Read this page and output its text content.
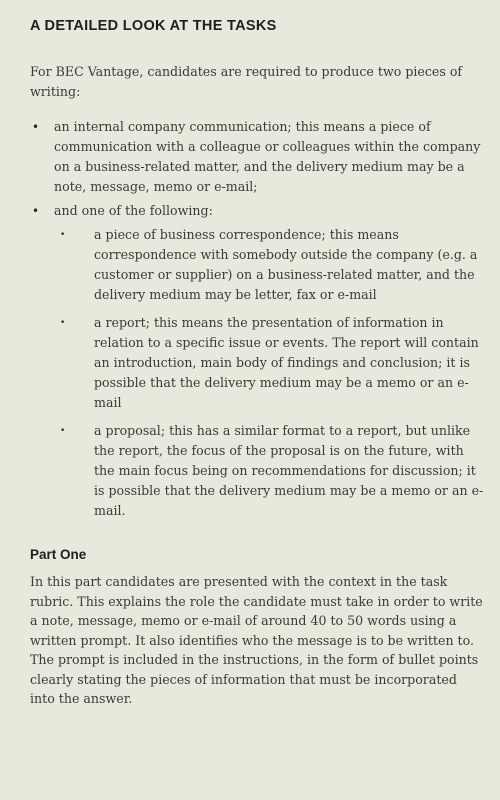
A DETAILED LOOK AT THE TASKS

For BEC Vantage, candidates are required to produce two pieces of writing:

• an internal company communication; this means a piece of communication with a colleague or colleagues within the company on a business-related matter, and the delivery medium may be a note, message, memo or e-mail;
• and one of the following:
• a piece of business correspondence; this means correspondence with somebody outside the company (e.g. a customer or supplier) on a business-related matter, and the delivery medium may be letter, fax or e-mail
• a report; this means the presentation of information in relation to a specific issue or events. The report will contain an introduction, main body of findings and conclusion; it is possible that the delivery medium may be a memo or an e-mail
• a proposal; this has a similar format to a report, but unlike the report, the focus of the proposal is on the future, with the main focus being on recommendations for discussion; it is possible that the delivery medium may be a memo or an e-mail.
Part One

In this part candidates are presented with the context in the task rubric. This explains the role the candidate must take in order to write a note, message, memo or e-mail of around 40 to 50 words using a written prompt. It also identifies who the message is to be written to. The prompt is included in the instructions, in the form of bullet points clearly stating the pieces of information that must be incorporated into the answer.
